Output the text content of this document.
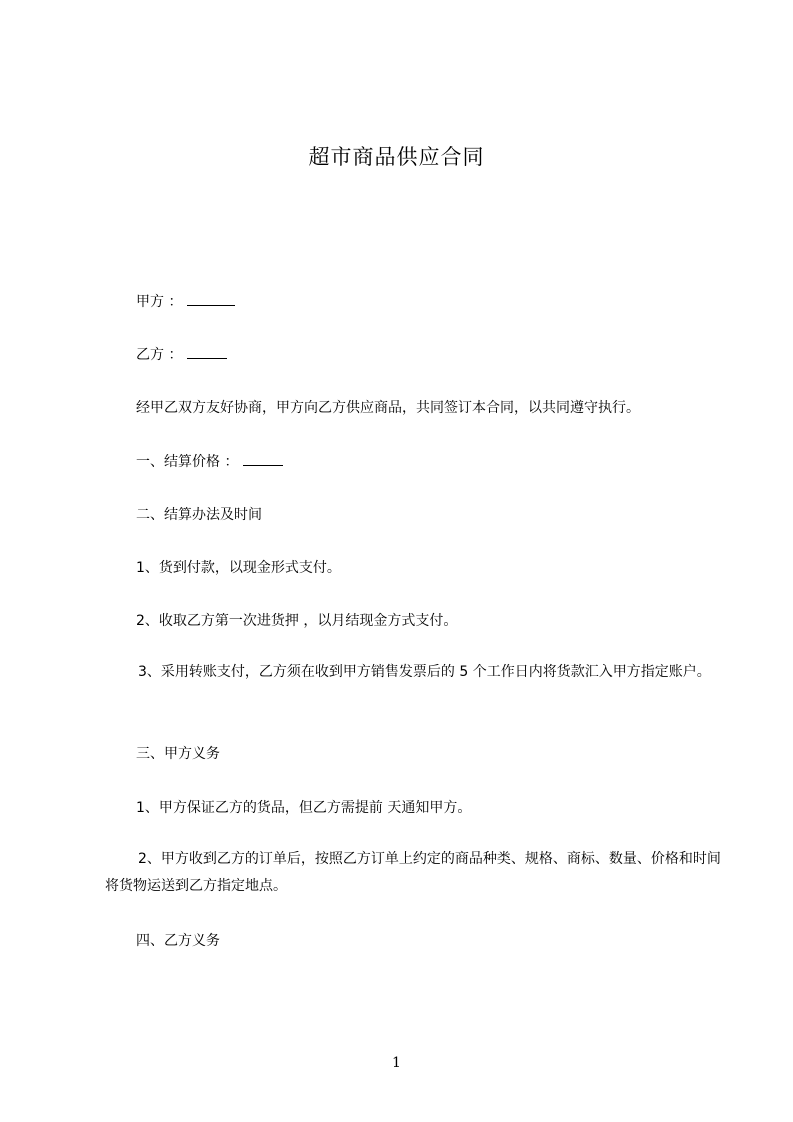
超市商品供应合同
甲方 ：
乙方 ：
经甲乙双方友好协商，甲方向乙方供应商品，共同签订本合同，以共同遵守执行。
一、结算价格 ：
二、结算办法及时间
1、货到付款，以现金形式支付。
2、收取乙方第一次进货押 ，以月结现金方式支付。
3、采用转账支付，乙方须在收到甲方销售发票后的 5 个工作日内将货款汇入甲方指定账户。
三、甲方义务
1、甲方保证乙方的货品，但乙方需提前 天通知甲方。
2、甲方收到乙方的订单后，按照乙方订单上约定的商品种类、规格、商标、数量、价格和时间将货物运送到乙方指定地点。
四、乙方义务
1
